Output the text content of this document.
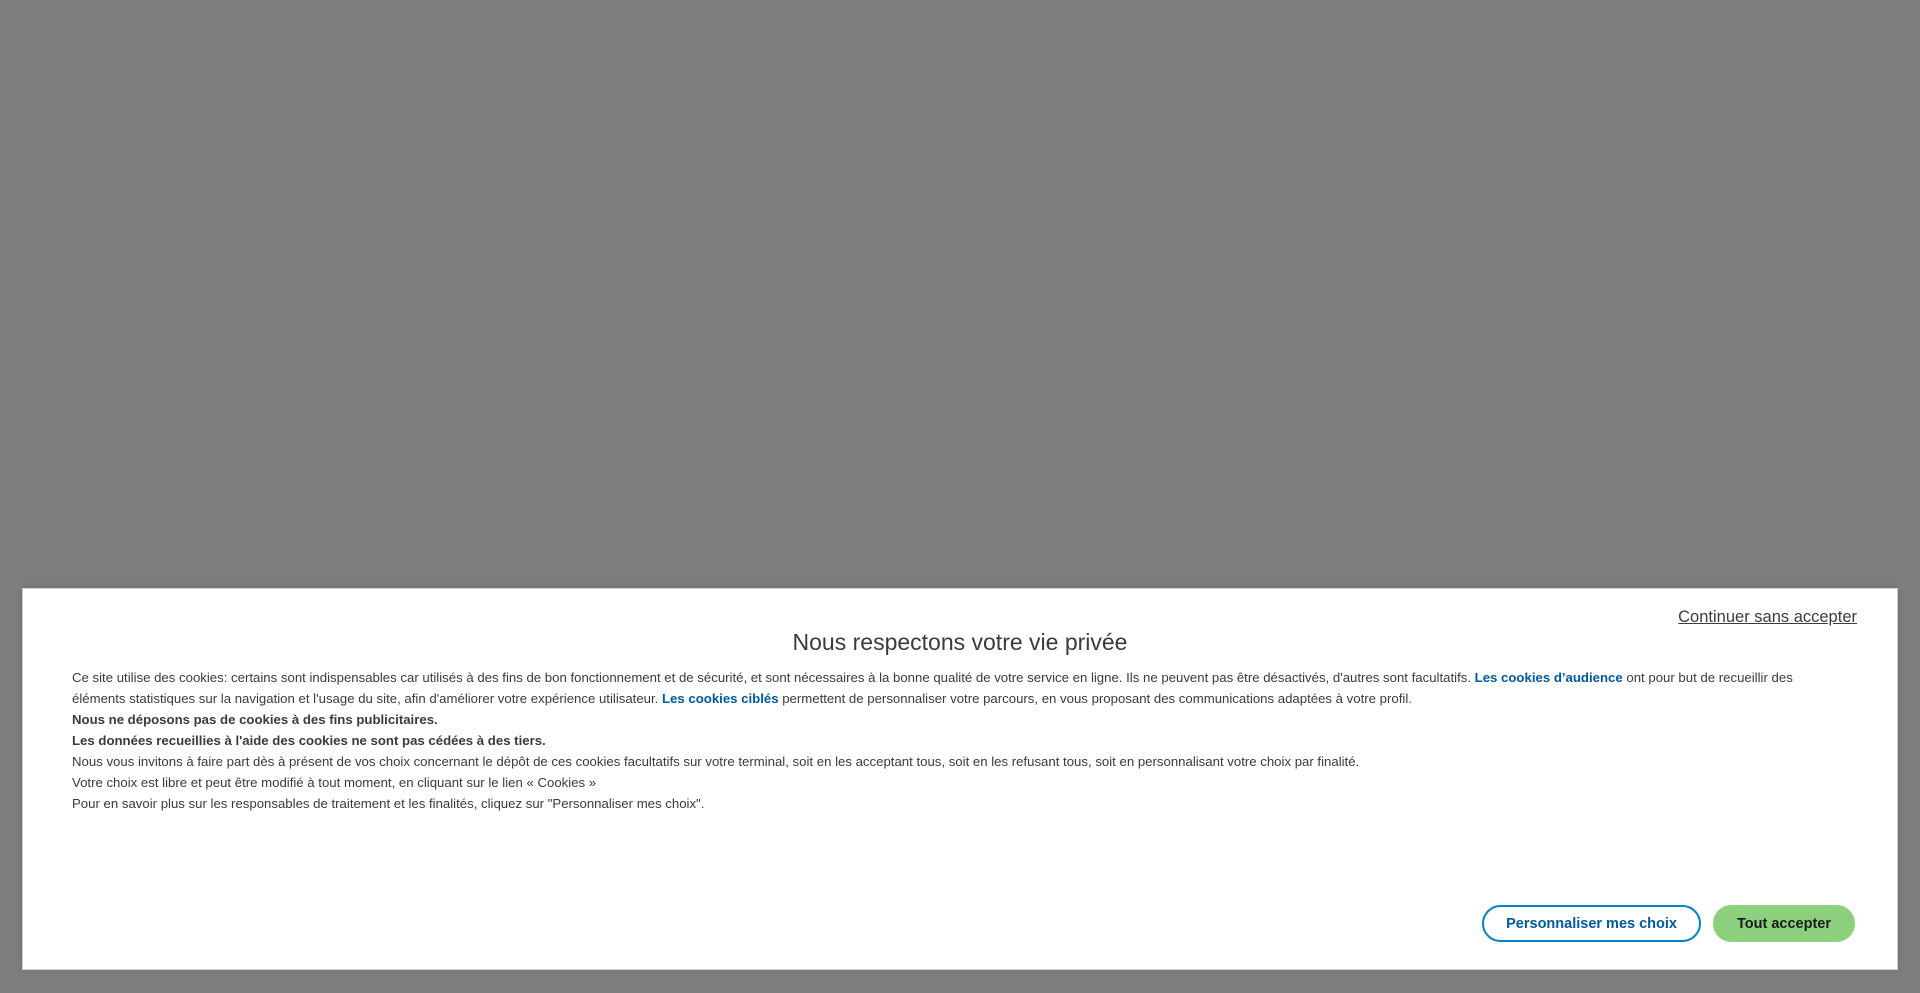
Continuer sans accepter
Nous respectons votre vie privée

Ce site utilise des cookies: certains sont indispensables car utilisés à des fins de bon fonctionnement et de sécurité, et sont nécessaires à la bonne qualité de votre service en ligne. Ils ne peuvent pas être désactivés, d'autres sont facultatifs. Les cookies d’audience ont pour but de recueillir des éléments statistiques sur la navigation et l'usage du site, afin d'améliorer votre expérience utilisateur. Les cookies ciblés permettent de personnaliser votre parcours, en vous proposant des communications adaptées à votre profil.

Nous ne déposons pas de cookies à des fins publicitaires.

Les données recueillies à l'aide des cookies ne sont pas cédées à des tiers.

Nous vous invitons à faire part dès à présent de vos choix concernant le dépôt de ces cookies facultatifs sur votre terminal, soit en les acceptant tous, soit en les refusant tous, soit en personnalisant votre choix par finalité.

Votre choix est libre et peut être modifié à tout moment, en cliquant sur le lien « Cookies »

Pour en savoir plus sur les responsables de traitement et les finalités, cliquez sur "Personnaliser mes choix".

Personnaliser mes choix	Tout accepter
